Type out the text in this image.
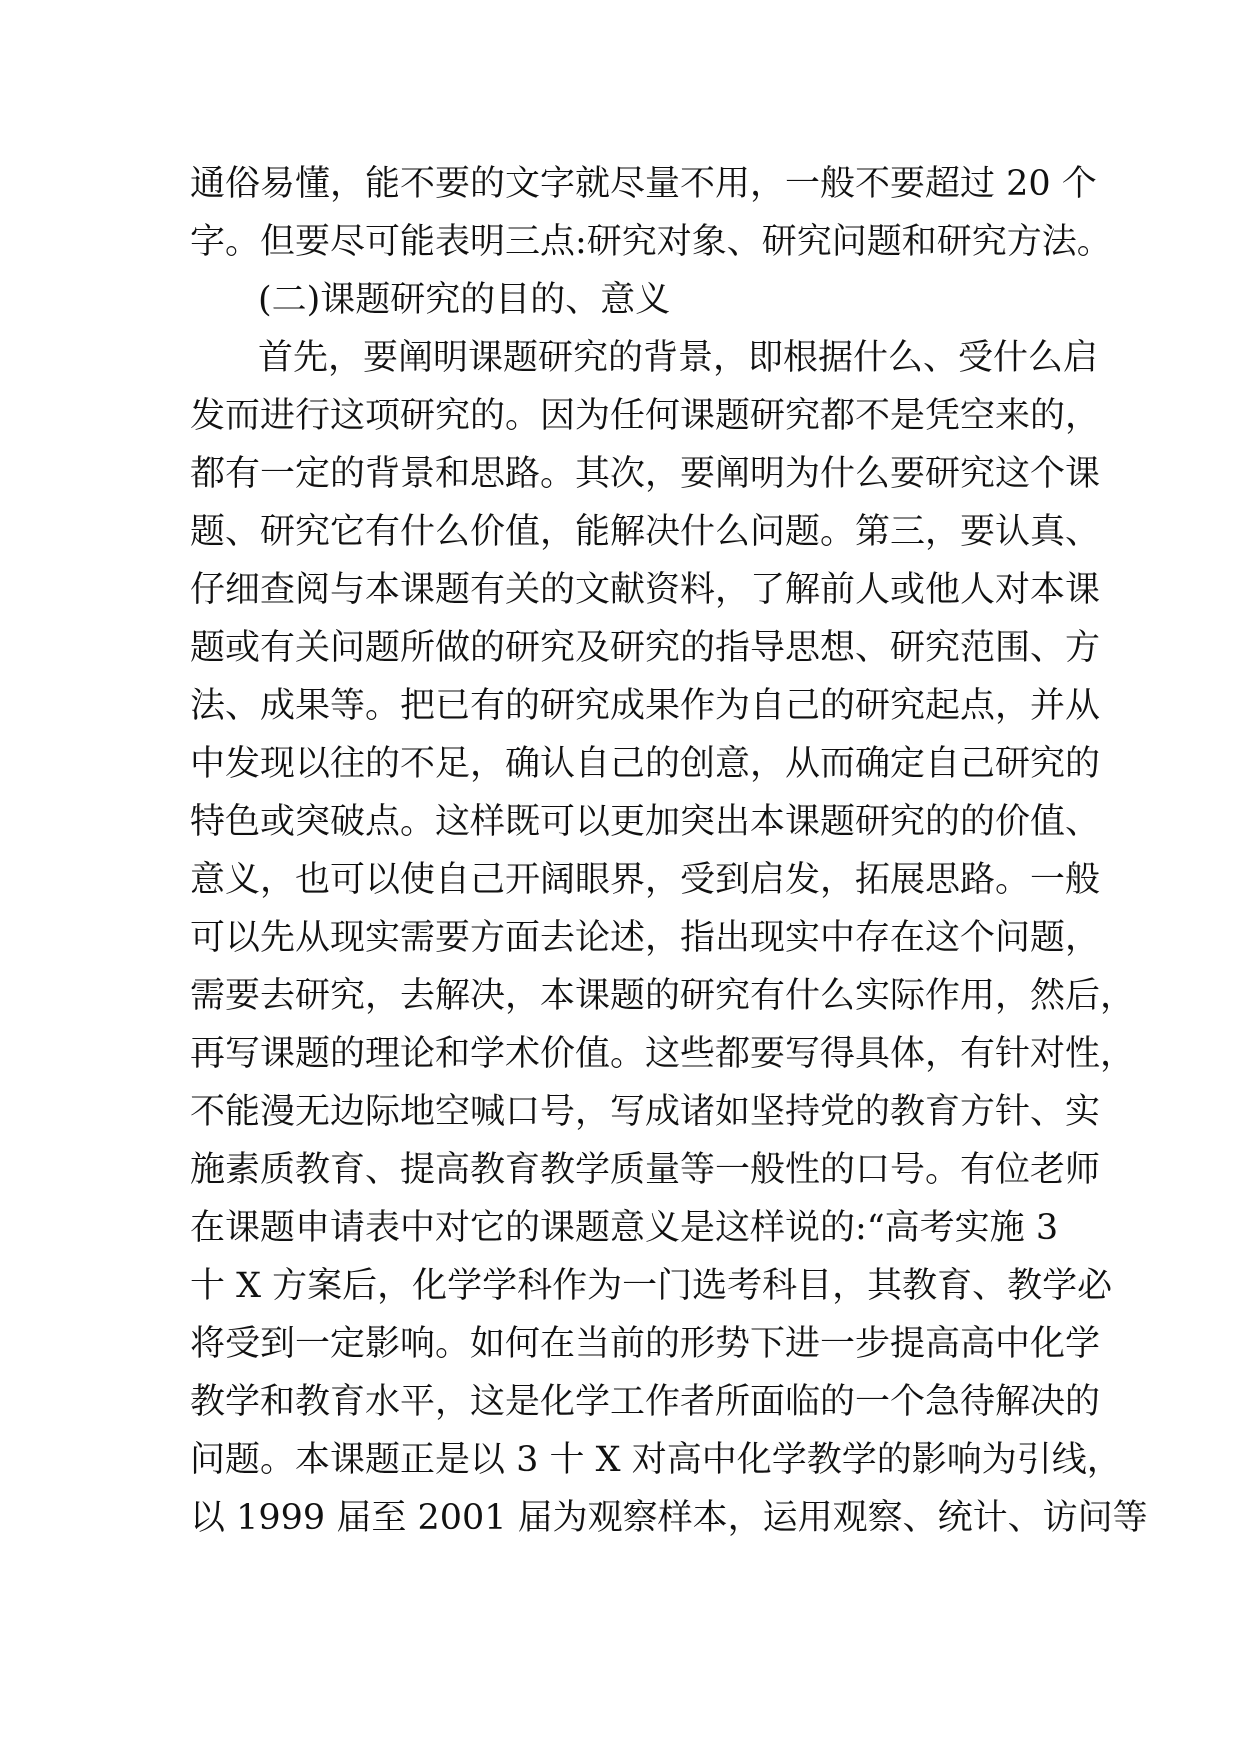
通俗易懂，能不要的文字就尽量不用，一般不要超过 20 个

字。但要尽可能表明三点:研究对象、研究问题和研究方法。

(二)课题研究的目的、意义

首先，要阐明课题研究的背景，即根据什么、受什么启

发而进行这项研究的。因为任何课题研究都不是凭空来的，

都有一定的背景和思路。其次，要阐明为什么要研究这个课

题、研究它有什么价值，能解决什么问题。第三，要认真、

仔细查阅与本课题有关的文献资料，了解前人或他人对本课

题或有关问题所做的研究及研究的指导思想、研究范围、方

法、成果等。把已有的研究成果作为自己的研究起点，并从

中发现以往的不足，确认自己的创意，从而确定自己研究的

特色或突破点。这样既可以更加突出本课题研究的的价值、

意义，也可以使自己开阔眼界，受到启发，拓展思路。一般

可以先从现实需要方面去论述，指出现实中存在这个问题，

需要去研究，去解决，本课题的研究有什么实际作用，然后，

再写课题的理论和学术价值。这些都要写得具体，有针对性，

不能漫无边际地空喊口号，写成诸如坚持党的教育方针、实

施素质教育、提高教育教学质量等一般性的口号。有位老师

在课题申请表中对它的课题意义是这样说的:“高考实施 3

十 X 方案后，化学学科作为一门选考科目，其教育、教学必

将受到一定影响。如何在当前的形势下进一步提高高中化学

教学和教育水平，这是化学工作者所面临的一个急待解决的

问题。本课题正是以 3 十 X 对高中化学教学的影响为引线，

以 1999 届至 2001 届为观察样本，运用观察、统计、访问等
